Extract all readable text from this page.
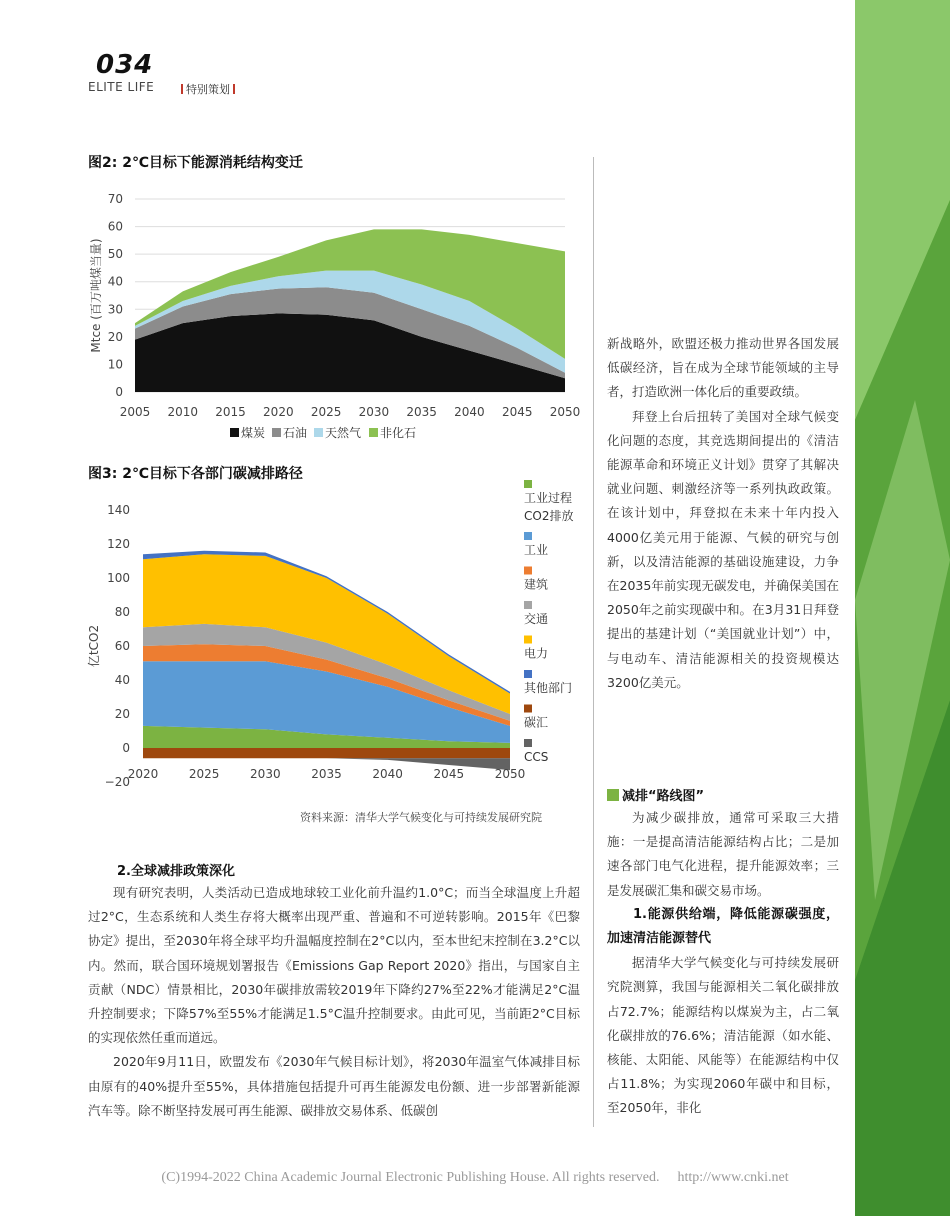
034
ELITE LIFE	特别策划
图2: 2℃目标下能源消耗结构变迁
0
10
20
30
40
50
60
70
2005 2010 2015 2020 2025 2030 2035 2040 2045 2050
Mtce (百万吨煤当量)
煤炭 石油 天然气 非化石
图3: 2℃目标下各部门碳减排路径
−20
0
20
40
60
80
100
120
140
2020	2025	2030	2035	2040	2045	2050
亿tCO2
工业过程
CO2排放
工业
建筑
交通
电力
其他部门
碳汇
CCS
资料来源：清华大学气候变化与可持续发展研究院
2.全球减排政策深化

现有研究表明，人类活动已造成地球较工业化前升温约1.0°C；而当全球温度上升超过2°C，生态系统和人类生存将大概率出现严重、普遍和不可逆转影响。2015年《巴黎协定》提出，至2030年将全球平均升温幅度控制在2°C以内，至本世纪末控制在3.2°C以内。然而，联合国环境规划署报告《Emissions Gap Report 2020》指出，与国家自主贡献（NDC）情景相比，2030年碳排放需较2019年下降约27%至22%才能满足2°C温升控制要求；下降57%至55%才能满足1.5°C温升控制要求。由此可见，当前距2°C目标的实现依然任重而道远。

2020年9月11日，欧盟发布《2030年气候目标计划》，将2030年温室气体减排目标由原有的40%提升至55%，具体措施包括提升可再生能源发电份额、进一步部署新能源汽车等。除不断坚持发展可再生能源、碳排放交易体系、低碳创

新战略外，欧盟还极力推动世界各国发展低碳经济，旨在成为全球节能领域的主导者，打造欧洲一体化后的重要政绩。

拜登上台后扭转了美国对全球气候变化问题的态度，其竞选期间提出的《清洁能源革命和环境正义计划》贯穿了其解决就业问题、刺激经济等一系列执政政策。在该计划中，拜登拟在未来十年内投入4000亿美元用于能源、气候的研究与创新，以及清洁能源的基础设施建设，力争在2035年前实现无碳发电，并确保美国在2050年之前实现碳中和。在3月31日拜登提出的基建计划（“美国就业计划”）中，与电动车、清洁能源相关的投资规模达3200亿美元。

减排“路线图”

为减少碳排放，通常可采取三大措施：一是提高清洁能源结构占比；二是加速各部门电气化进程，提升能源效率；三是发展碳汇集和碳交易市场。

1.能源供给端，降低能源碳强度，加速清洁能源替代

据清华大学气候变化与可持续发展研究院测算，我国与能源相关二氧化碳排放占72.7%；能源结构以煤炭为主，占二氧化碳排放的76.6%；清洁能源（如水能、核能、太阳能、风能等）在能源结构中仅占11.8%；为实现2060年碳中和目标，至2050年，非化

(C)1994-2022 China Academic Journal Electronic Publishing House. All rights reserved. http://www.cnki.net
